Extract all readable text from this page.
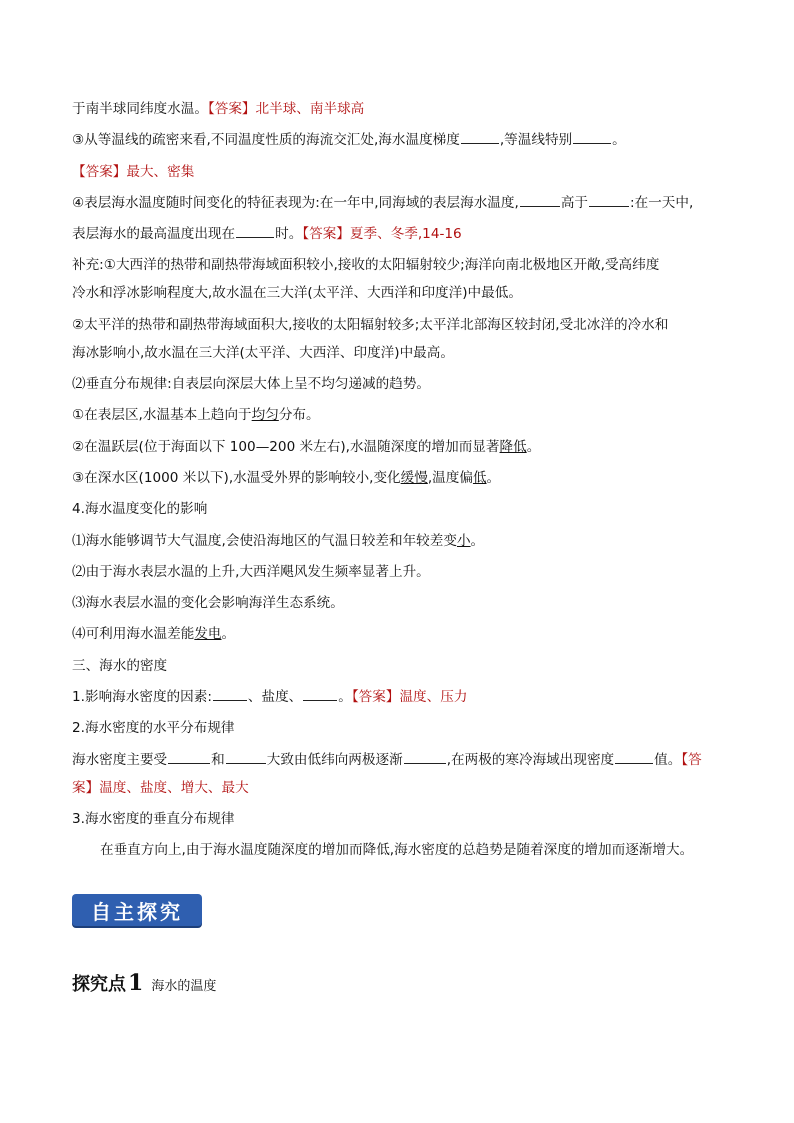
于南半球同纬度水温。【答案】北半球、南半球高
③从等温线的疏密来看,不同温度性质的海流交汇处,海水温度梯度	,等温线特别	。
【答案】最大、密集
④表层海水温度随时间变化的特征表现为:在一年中,同海域的表层海水温度,	高于	:在一天中,
表层海水的最高温度出现在	时。【答案】夏季、冬季,14-16
补充:①大西洋的热带和副热带海域面积较小,接收的太阳辐射较少;海洋向南北极地区开敞,受高纬度
冷水和浮冰影响程度大,故水温在三大洋(太平洋、大西洋和印度洋)中最低。
②太平洋的热带和副热带海域面积大,接收的太阳辐射较多;太平洋北部海区较封闭,受北冰洋的冷水和
海冰影响小,故水温在三大洋(太平洋、大西洋、印度洋)中最高。
⑵垂直分布规律:自表层向深层大体上呈不均匀递减的趋势。
①在表层区,水温基本上趋向于均匀分布。
②在温跃层(位于海面以下 100—200 米左右),水温随深度的增加而显著降低。
③在深水区(1000 米以下),水温受外界的影响较小,变化缓慢,温度偏低。
4.海水温度变化的影响
⑴海水能够调节大气温度,会使沿海地区的气温日较差和年较差变小。
⑵由于海水表层水温的上升,大西洋飓风发生频率显著上升。
⑶海水表层水温的变化会影响海洋生态系统。
⑷可利用海水温差能发电。
三、海水的密度
1.影响海水密度的因素:	、盐度、	。【答案】温度、压力
2.海水密度的水平分布规律
海水密度主要受	和	大致由低纬向两极逐渐	,在两极的寒冷海域出现密度	值。【答
案】温度、盐度、增大、最大
3.海水密度的垂直分布规律
在垂直方向上,由于海水温度随深度的增加而降低,海水密度的总趋势是随着深度的增加而逐渐增大。
自主探究
探究点1 海水的温度
